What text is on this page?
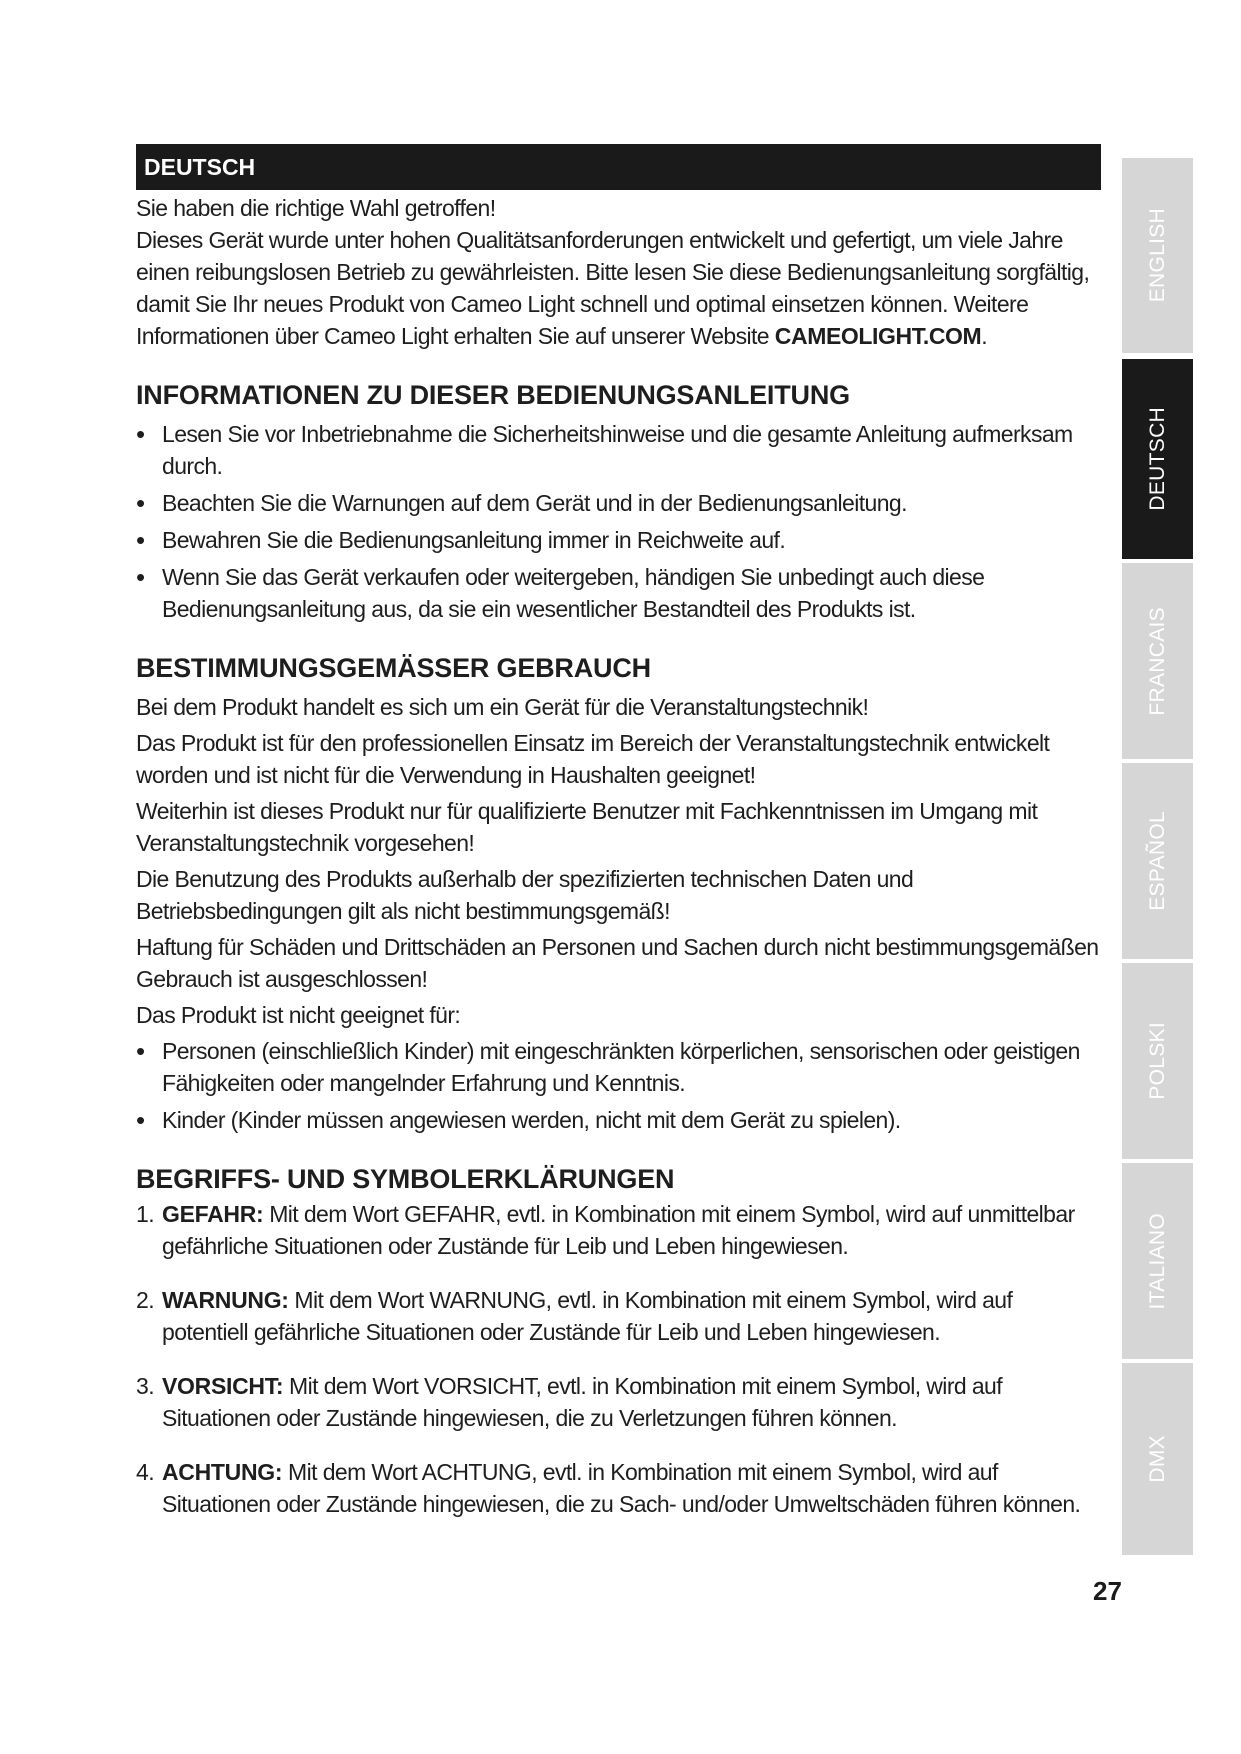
DEUTSCH

Sie haben die richtige Wahl getroffen!

Dieses Gerät wurde unter hohen Qualitätsanforderungen entwickelt und gefertigt, um viele Jahre einen reibungslosen Betrieb zu gewährleisten. Bitte lesen Sie diese Bedienungsanleitung sorgfältig, damit Sie Ihr neues Produkt von Cameo Light schnell und optimal einsetzen können. Weitere Informationen über Cameo Light erhalten Sie auf unserer Website CAMEOLIGHT.COM.

INFORMATIONEN ZU DIESER BEDIENUNGSANLEITUNG
• Lesen Sie vor Inbetriebnahme die Sicherheitshinweise und die gesamte Anleitung aufmerksam durch.
• Beachten Sie die Warnungen auf dem Gerät und in der Bedienungsanleitung.
• Bewahren Sie die Bedienungsanleitung immer in Reichweite auf.
• Wenn Sie das Gerät verkaufen oder weitergeben, händigen Sie unbedingt auch diese Bedienungsanleitung aus, da sie ein wesentlicher Bestandteil des Produkts ist.
BESTIMMUNGSGEMÄSSER GEBRAUCH

Bei dem Produkt handelt es sich um ein Gerät für die Veranstaltungstechnik!

Das Produkt ist für den professionellen Einsatz im Bereich der Veranstaltungstechnik entwickelt worden und ist nicht für die Verwendung in Haushalten geeignet!

Weiterhin ist dieses Produkt nur für qualifizierte Benutzer mit Fachkenntnissen im Umgang mit Veranstaltungstechnik vorgesehen!

Die Benutzung des Produkts außerhalb der spezifizierten technischen Daten und Betriebsbedingungen gilt als nicht bestimmungsgemäß!

Haftung für Schäden und Drittschäden an Personen und Sachen durch nicht bestimmungsgemäßen Gebrauch ist ausgeschlossen!

Das Produkt ist nicht geeignet für:

• Personen (einschließlich Kinder) mit eingeschränkten körperlichen, sensorischen oder geistigen Fähigkeiten oder mangelnder Erfahrung und Kenntnis.
• Kinder (Kinder müssen angewiesen werden, nicht mit dem Gerät zu spielen).
BEGRIFFS- UND SYMBOLERKLÄRUNGEN
1. GEFAHR: Mit dem Wort GEFAHR, evtl. in Kombination mit einem Symbol, wird auf unmittelbar gefährliche Situationen oder Zustände für Leib und Leben hingewiesen.
2. WARNUNG: Mit dem Wort WARNUNG, evtl. in Kombination mit einem Symbol, wird auf potentiell gefährliche Situationen oder Zustände für Leib und Leben hingewiesen.
3. VORSICHT: Mit dem Wort VORSICHT, evtl. in Kombination mit einem Symbol, wird auf Situationen oder Zustände hingewiesen, die zu Verletzungen führen können.
4. ACHTUNG: Mit dem Wort ACHTUNG, evtl. in Kombination mit einem Symbol, wird auf Situationen oder Zustände hingewiesen, die zu Sach- und/oder Umweltschäden führen können.
ENGLISH
DEUTSCH
FRANCAIS
ESPAÑOL
POLSKI
ITALIANO
DMX
27
